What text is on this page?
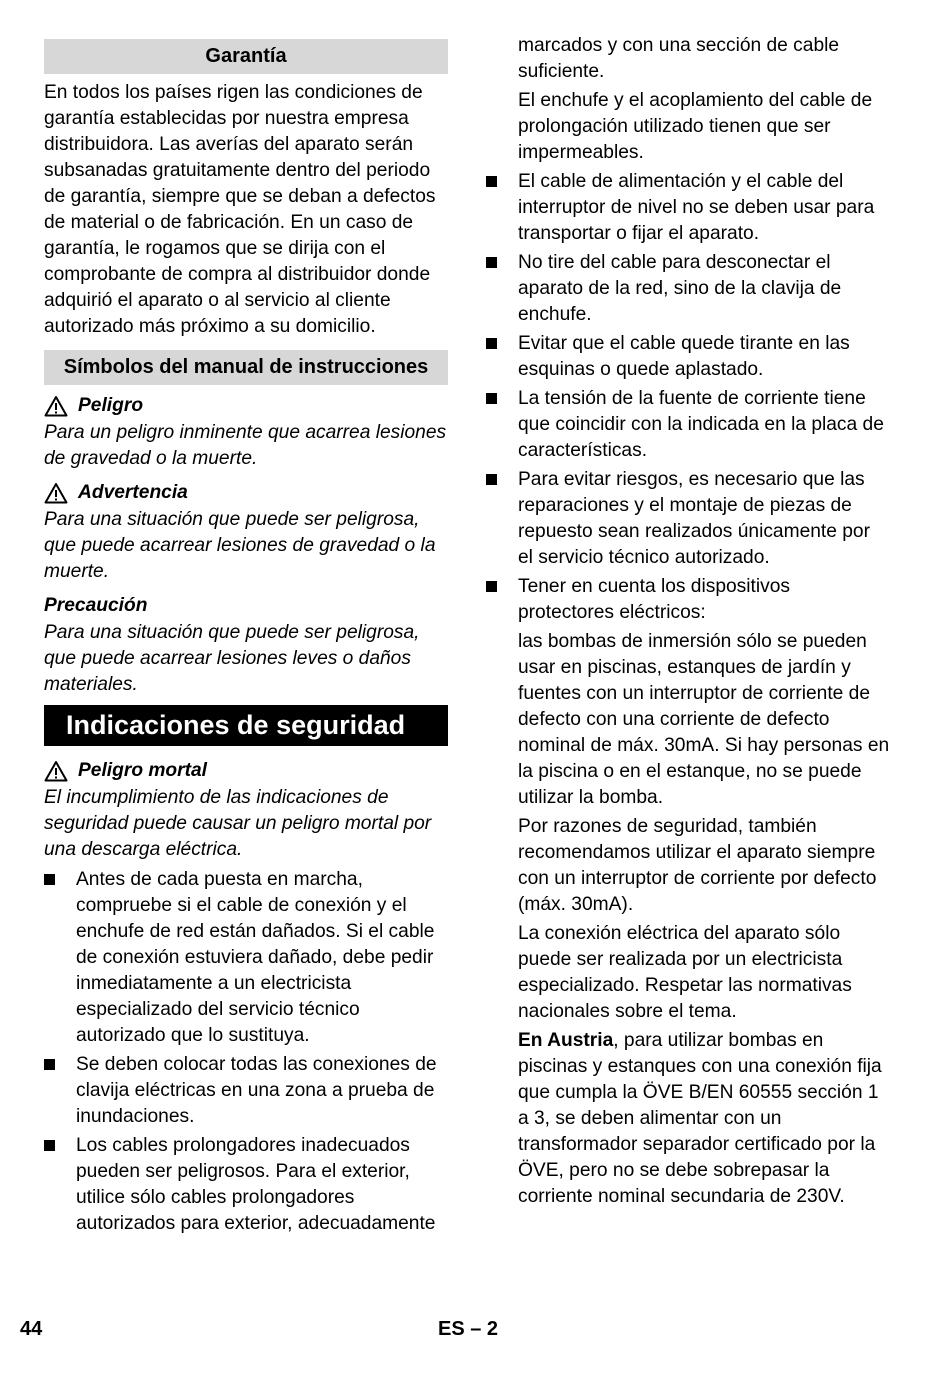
Garantía

En todos los países rigen las condiciones de garantía establecidas por nuestra empresa distribuidora. Las averías del aparato serán subsanadas gratuitamente dentro del periodo de garantía, siempre que se deban a defectos de material o de fabricación. En un caso de garantía, le rogamos que se dirija con el comprobante de compra al distribuidor donde adquirió el aparato o al servicio al cliente autorizado más próximo a su domicilio.

Símbolos del manual de instrucciones
Peligro

Para un peligro inminente que acarrea lesiones de gravedad o la muerte.

Advertencia

Para una situación que puede ser peligrosa, que puede acarrear lesiones de gravedad o la muerte.

Precaución

Para una situación que puede ser peligrosa, que puede acarrear lesiones leves o daños materiales.

Indicaciones de seguridad
Peligro mortal

El incumplimiento de las indicaciones de seguridad puede causar un peligro mortal por una descarga eléctrica.

Antes de cada puesta en marcha, compruebe si el cable de conexión y el enchufe de red están dañados. Si el cable de conexión estuviera dañado, debe pedir inmediatamente a un electricista especializado del servicio técnico autorizado que lo sustituya.
Se deben colocar todas las conexiones de clavija eléctricas en una zona a prueba de inundaciones.
Los cables prolongadores inadecuados pueden ser peligrosos. Para el exterior, utilice sólo cables prolongadores autorizados para exterior, adecuadamente

marcados y con una sección de cable suficiente.

El enchufe y el acoplamiento del cable de prolongación utilizado tienen que ser impermeables.

El cable de alimentación y el cable del interruptor de nivel no se deben usar para transportar o fijar el aparato.
No tire del cable para desconectar el aparato de la red, sino de la clavija de enchufe.
Evitar que el cable quede tirante en las esquinas o quede aplastado.
La tensión de la fuente de corriente tiene que coincidir con la indicada en la placa de características.
Para evitar riesgos, es necesario que las reparaciones y el montaje de piezas de repuesto sean realizados únicamente por el servicio técnico autorizado.
Tener en cuenta los dispositivos protectores eléctricos:

las bombas de inmersión sólo se pueden usar en piscinas, estanques de jardín y fuentes con un interruptor de corriente de defecto con una corriente de defecto nominal de máx. 30mA. Si hay personas en la piscina o en el estanque, no se puede utilizar la bomba.

Por razones de seguridad, también recomendamos utilizar el aparato siempre con un interruptor de corriente por defecto (máx. 30mA).

La conexión eléctrica del aparato sólo puede ser realizada por un electricista especializado. Respetar las normativas nacionales sobre el tema.

En Austria, para utilizar bombas en piscinas y estanques con una conexión fija que cumpla la ÖVE B/EN 60555 sección 1 a 3, se deben alimentar con un transformador separador certificado por la ÖVE, pero no se debe sobrepasar la corriente nominal secundaria de 230V.

44	ES – 2
